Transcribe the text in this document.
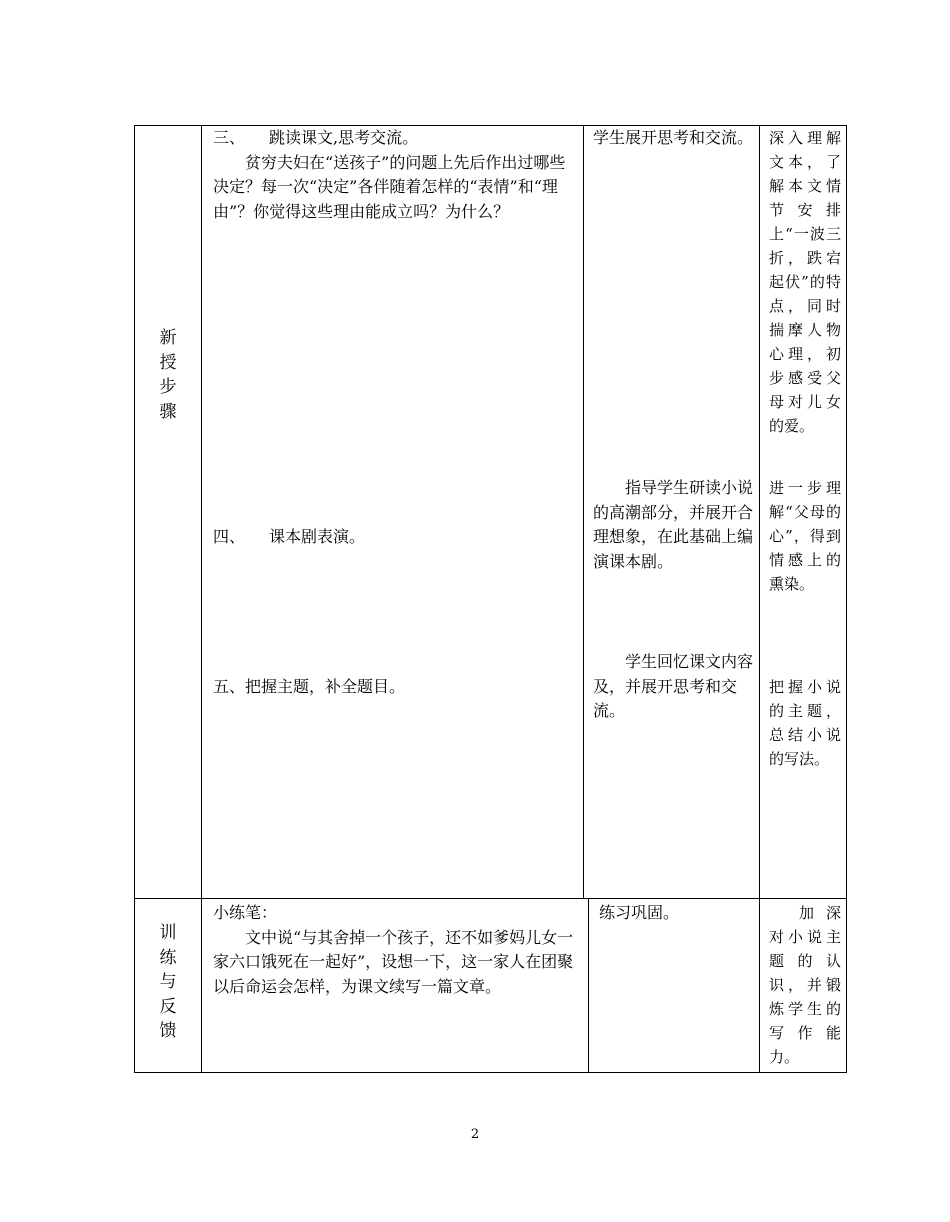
新
授
步
骤

三、　　跳读课文,思考交流。

贫穷夫妇在“送孩子”的问题上先后作出过哪些决定？每一次“决定”各伴随着怎样的“表情”和“理由”？你觉得这些理由能成立吗？为什么？

学生展开思考和交流。 深入理解文本，了解本文情节安排上“一波三折，跌宕起伏”的特点，同时揣摩人物心理，初步感受父母对儿女的爱。

四、　　课本剧表演。

指导学生研读小说的高潮部分，并展开合理想象，在此基础上编演课本剧。

进一步理解“父母的心”，得到情感上的熏染。

五、把握主题，补全题目。

学生回忆课文内容及，并展开思考和交流。

把握小说的主题，总结小说的写法。

训
练
与
反
馈

小练笔：

文中说“与其舍掉一个孩子，还不如爹妈儿女一家六口饿死在一起好”，设想一下，这一家人在团聚以后命运会怎样，为课文续写一篇文章。

练习巩固。	加深对小说主题的认识，并锻炼学生的写作能力。

2
